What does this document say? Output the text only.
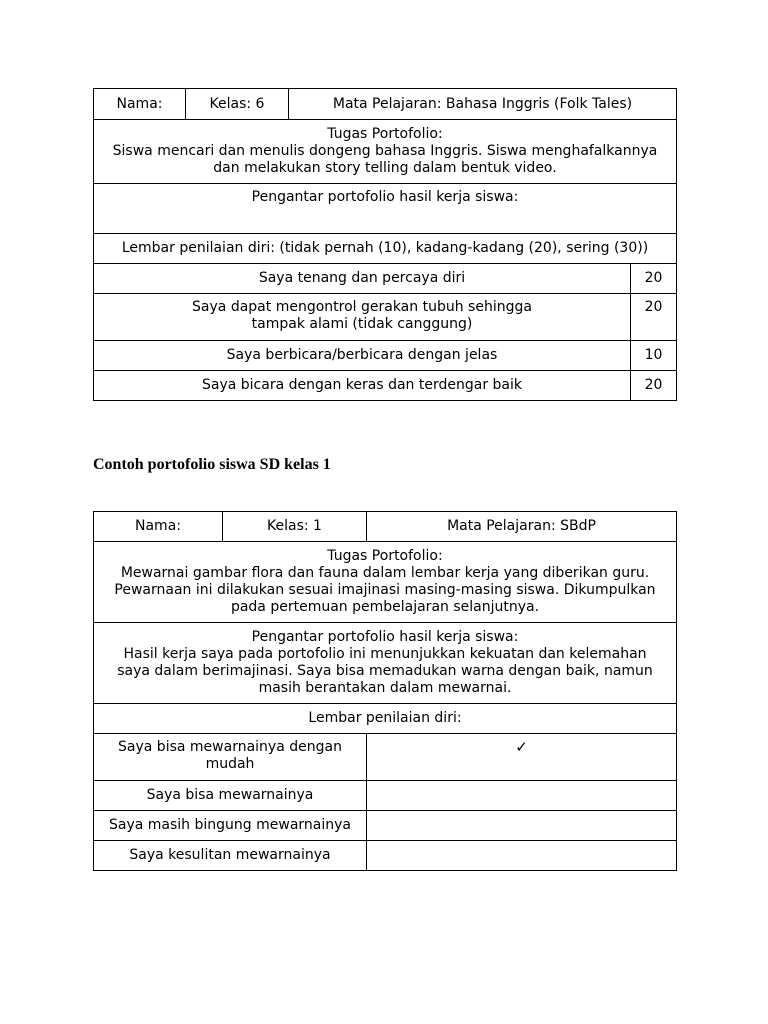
Nama:	Kelas: 6	Mata Pelajaran: Bahasa Inggris (Folk Tales)	

Tugas Portofolio:
Siswa mencari dan menulis dongeng bahasa Inggris. Siswa menghafalkannya
dan melakukan story telling dalam bentuk video.			

Pengantar portofolio hasil kerja siswa:			

Lembar penilaian diri: (tidak pernah (10), kadang-kadang (20), sering (30))			

Saya tenang dan percaya diri			20

Saya dapat mengontrol gerakan tubuh sehingga
tampak alami (tidak canggung)			20

Saya berbicara/berbicara dengan jelas			10

Saya bicara dengan keras dan terdengar baik			20

Contoh portofolio siswa SD kelas 1

Nama:	Kelas: 1	Mata Pelajaran: SBdP

Tugas Portofolio:
Mewarnai gambar flora dan fauna dalam lembar kerja yang diberikan guru.
Pewarnaan ini dilakukan sesuai imajinasi masing-masing siswa. Dikumpulkan
pada pertemuan pembelajaran selanjutnya.		

Pengantar portofolio hasil kerja siswa:
Hasil kerja saya pada portofolio ini menunjukkan kekuatan dan kelemahan
saya dalam berimajinasi. Saya bisa memadukan warna dengan baik, namun
masih berantakan dalam mewarnai.		

Lembar penilaian diri:		

Saya bisa mewarnainya dengan
mudah		✓

Saya bisa mewarnainya		

Saya masih bingung mewarnainya		

Saya kesulitan mewarnainya		
